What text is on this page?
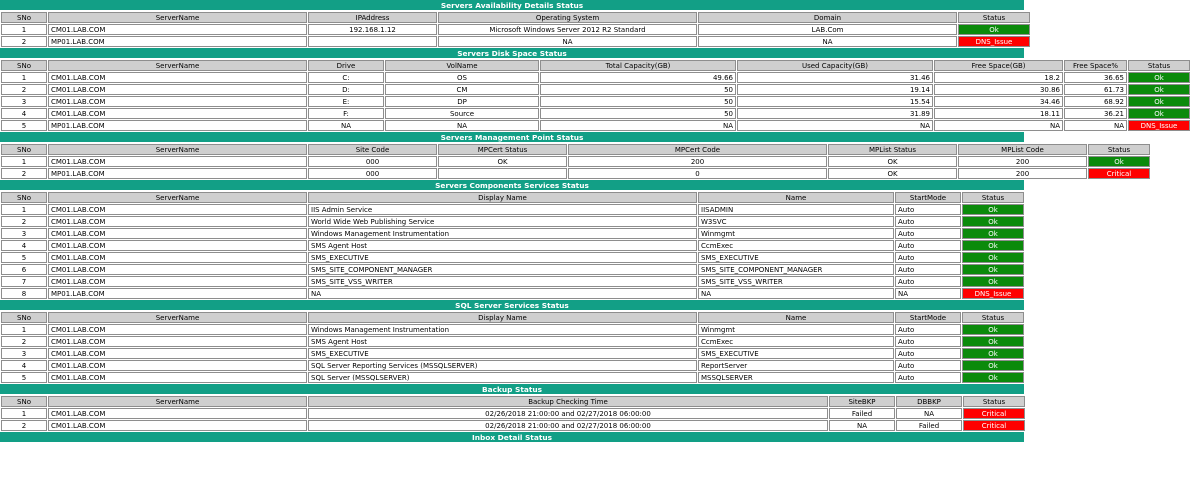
Servers Availability Details Status
SNo	ServerName	IPAddress	Operating System	Domain	Status
1	CM01.LAB.COM	192.168.1.12	Microsoft Windows Server 2012 R2 Standard	LAB.Com	Ok
2	MP01.LAB.COM		NA	NA	DNS_Issue
Servers Disk Space Status
SNo	ServerName	Drive	VolName	Total Capacity(GB)	Used Capacity(GB)	Free Space(GB)	Free Space%	Status
1	CM01.LAB.COM	C:	OS	49.66	31.46	18.2	36.65	Ok
2	CM01.LAB.COM	D:	CM	50	19.14	30.86	61.73	Ok
3	CM01.LAB.COM	E:	DP	50	15.54	34.46	68.92	Ok
4	CM01.LAB.COM	F:	Source	50	31.89	18.11	36.21	Ok
5	MP01.LAB.COM	NA	NA	NA	NA	NA	NA	DNS_Issue
Servers Management Point Status
SNo	ServerName	Site Code	MPCert Status	MPCert Code	MPList Status	MPList Code	Status
1	CM01.LAB.COM	000	OK	200	OK	200	Ok
2	MP01.LAB.COM	000		0	OK	200	Critical
Servers Components Services Status
SNo	ServerName	Display Name	Name	StartMode	Status
1	CM01.LAB.COM	IIS Admin Service	IISADMIN	Auto	Ok
2	CM01.LAB.COM	World Wide Web Publishing Service	W3SVC	Auto	Ok
3	CM01.LAB.COM	Windows Management Instrumentation	Winmgmt	Auto	Ok
4	CM01.LAB.COM	SMS Agent Host	CcmExec	Auto	Ok
5	CM01.LAB.COM	SMS_EXECUTIVE	SMS_EXECUTIVE	Auto	Ok
6	CM01.LAB.COM	SMS_SITE_COMPONENT_MANAGER	SMS_SITE_COMPONENT_MANAGER	Auto	Ok
7	CM01.LAB.COM	SMS_SITE_VSS_WRITER	SMS_SITE_VSS_WRITER	Auto	Ok
8	MP01.LAB.COM	NA	NA	NA	DNS_Issue
SQL Server Services Status
SNo	ServerName	Display Name	Name	StartMode	Status
1	CM01.LAB.COM	Windows Management Instrumentation	Winmgmt	Auto	Ok
2	CM01.LAB.COM	SMS Agent Host	CcmExec	Auto	Ok
3	CM01.LAB.COM	SMS_EXECUTIVE	SMS_EXECUTIVE	Auto	Ok
4	CM01.LAB.COM	SQL Server Reporting Services (MSSQLSERVER)	ReportServer	Auto	Ok
5	CM01.LAB.COM	SQL Server (MSSQLSERVER)	MSSQLSERVER	Auto	Ok
Backup Status
SNo	ServerName	Backup Checking Time	SiteBKP	DBBKP	Status
1	CM01.LAB.COM	02/26/2018 21:00:00 and 02/27/2018 06:00:00	Failed	NA	Critical
2	CM01.LAB.COM	02/26/2018 21:00:00 and 02/27/2018 06:00:00	NA	Failed	Critical
Inbox Detail Status
